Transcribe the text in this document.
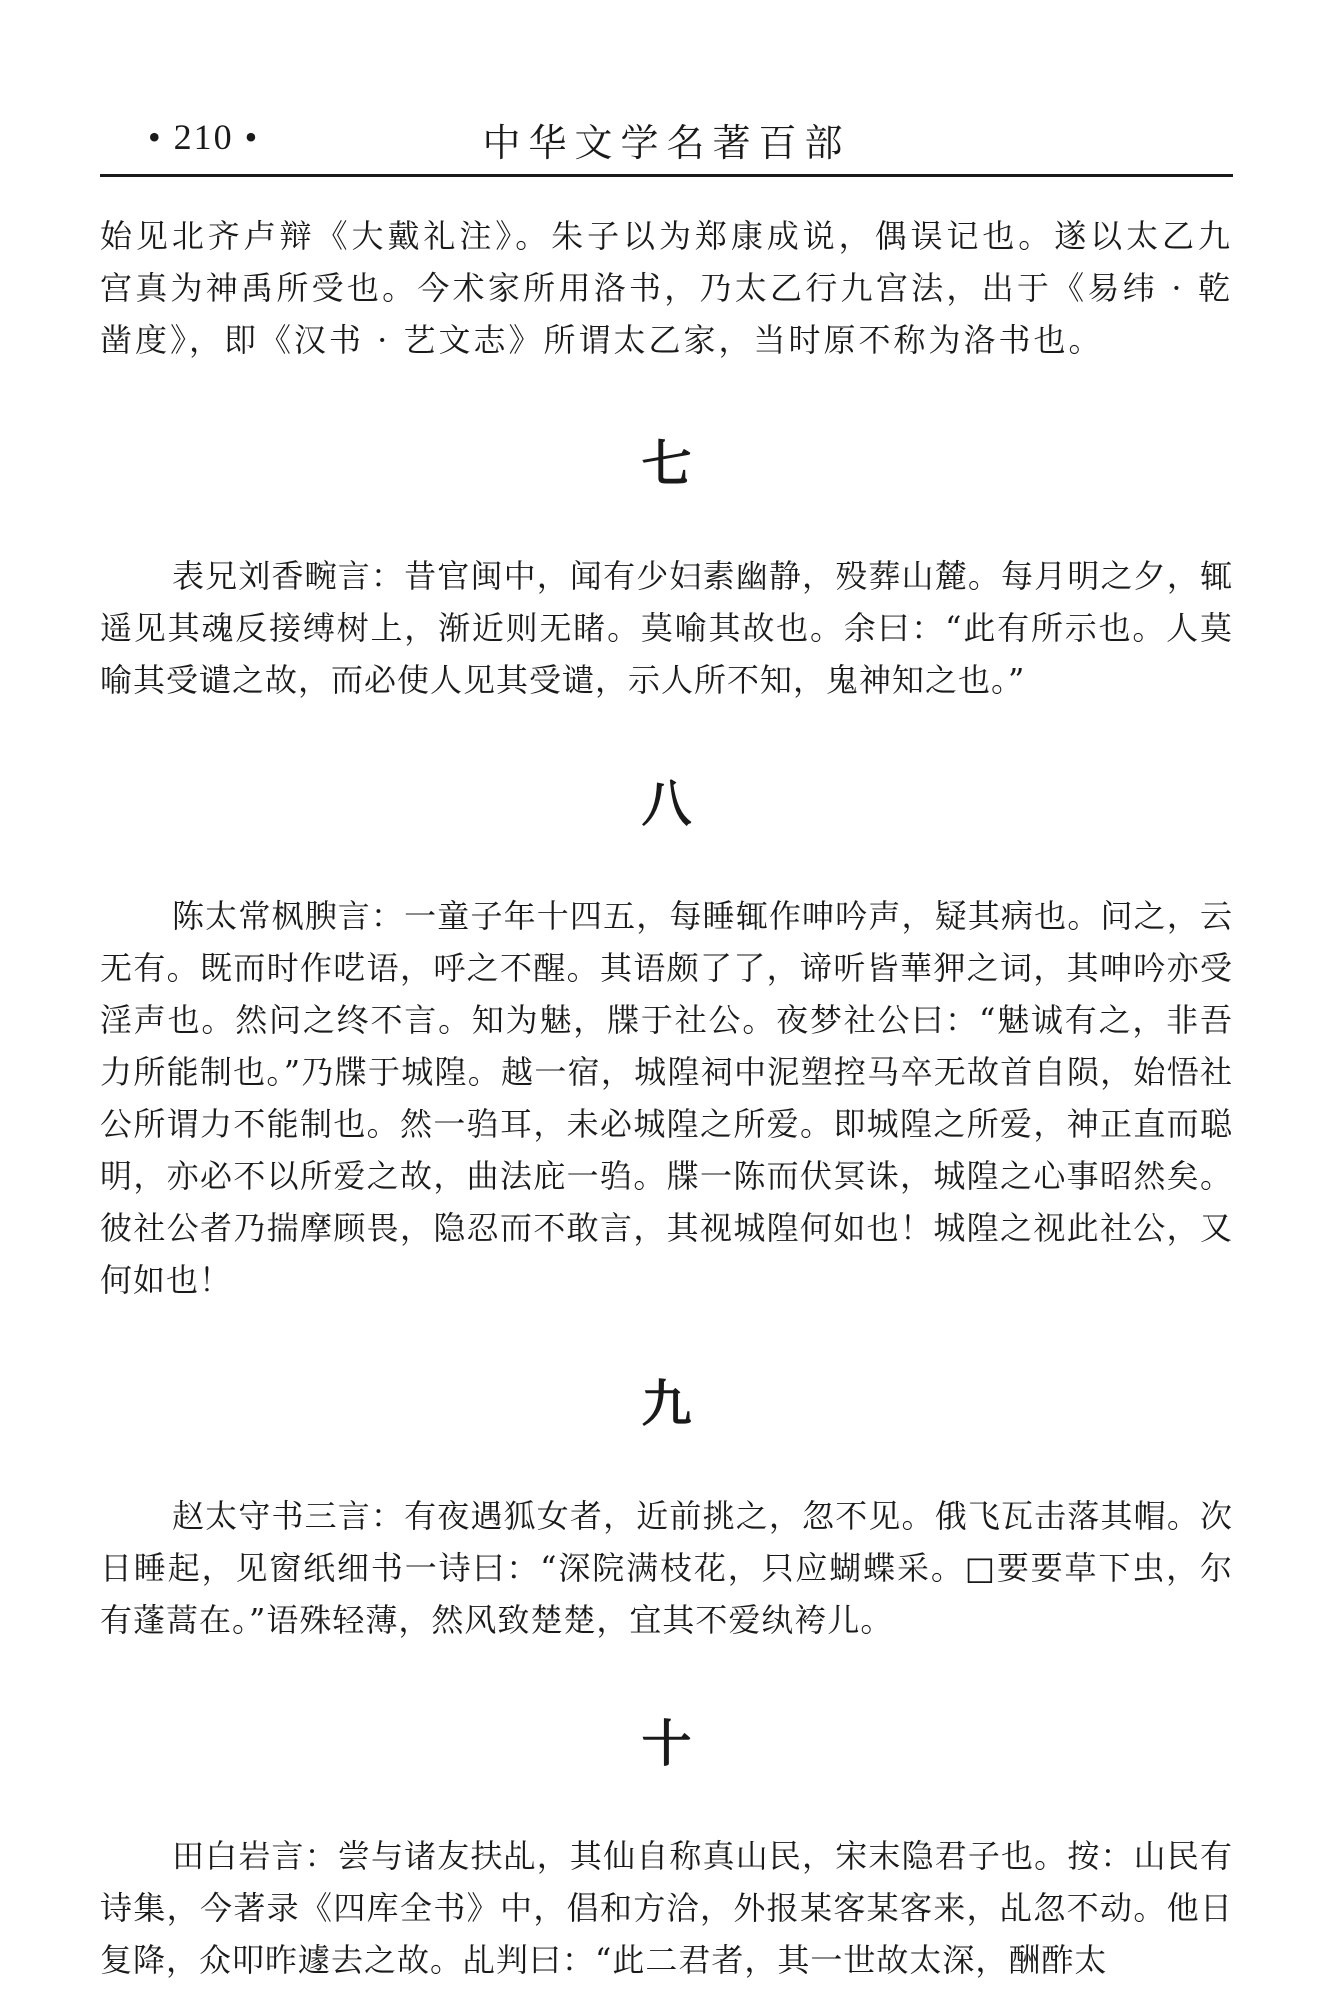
• 210 •	中华文学名著百部

始见北齐卢辩《大戴礼注》。朱子以为郑康成说，偶误记也。遂以太乙九宫真为神禹所受也。今术家所用洛书，乃太乙行九宫法，出于《易纬 · 乾凿度》，即《汉书 · 艺文志》所谓太乙家，当时原不称为洛书也。

七

表兄刘香畹言：昔官闽中，闻有少妇素幽静，殁葬山麓。每月明之夕，辄遥见其魂反接缚树上，渐近则无睹。莫喻其故也。余曰：“此有所示也。人莫喻其受谴之故，而必使人见其受谴，示人所不知，鬼神知之也。”

八

陈太常枫腴言：一童子年十四五，每睡辄作呻吟声，疑其病也。问之，云无有。既而时作呓语，呼之不醒。其语颇了了，谛听皆華狎之词，其呻吟亦受淫声也。然问之终不言。知为魅，牒于社公。夜梦社公曰：“魅诚有之，非吾力所能制也。”乃牒于城隍。越一宿，城隍祠中泥塑控马卒无故首自陨，始悟社公所谓力不能制也。然一驺耳，未必城隍之所爱。即城隍之所爱，神正直而聪明，亦必不以所爱之故，曲法庇一驺。牒一陈而伏冥诛，城隍之心事昭然矣。彼社公者乃揣摩顾畏，隐忍而不敢言，其视城隍何如也！城隍之视此社公，又何如也！

九

赵太守书三言：有夜遇狐女者，近前挑之，忽不见。俄飞瓦击落其帽。次日睡起，见窗纸细书一诗曰：“深院满枝花，只应蝴蝶采。□要要草下虫，尔有蓬蒿在。”语殊轻薄，然风致楚楚，宜其不爱纨袴儿。

十

田白岩言：尝与诸友扶乩，其仙自称真山民，宋末隐君子也。按：山民有诗集，今著录《四库全书》中，倡和方洽，外报某客某客来，乩忽不动。他日复降，众叩昨遽去之故。乩判曰：“此二君者，其一世故太深，酬酢太
